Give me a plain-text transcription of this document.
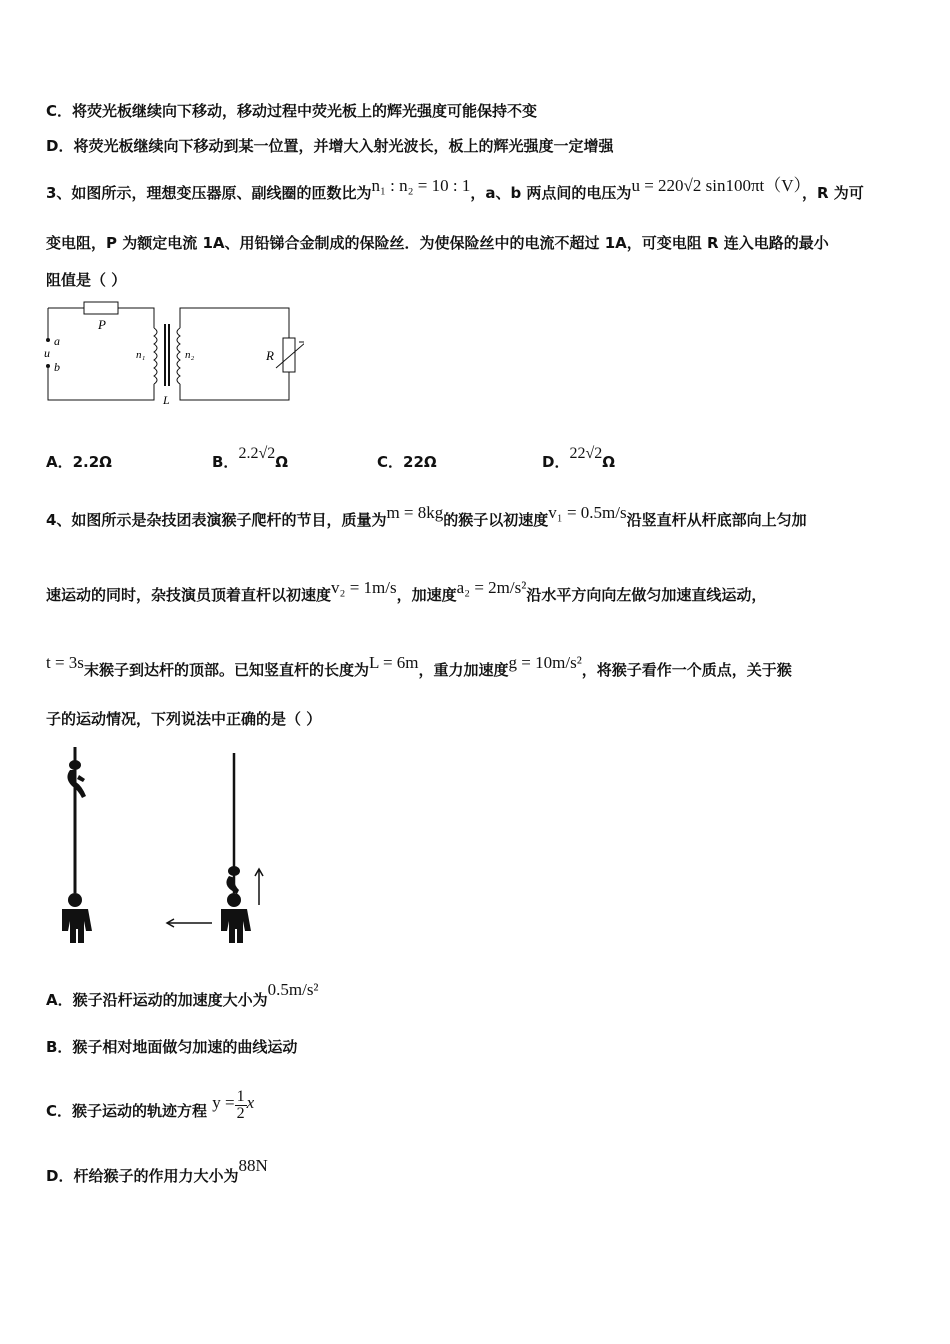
C．将荧光板继续向下移动，移动过程中荧光板上的辉光强度可能保持不变
D．将荧光板继续向下移动到某一位置，并增大入射光波长，板上的辉光强度一定增强
3、如图所示，理想变压器原、副线圈的匝数比为n₁ : n₂ = 10 : 1，a、b 两点间的电压为u = 220√2 sin100πt（V），R 为可
变电阻，P 为额定电流 1A、用铅锑合金制成的保险丝．为使保险丝中的电流不超过 1A，可变电阻 R 连入电路的最小
阻值是（ ）
P
a
u
b
n₁	n₂
L
R
A．2.2Ω	B．2.2√2Ω	C．22Ω	D．22√2Ω
4、如图所示是杂技团表演猴子爬杆的节目，质量为m = 8kg的猴子以初速度v₁ = 0.5m/s沿竖直杆从杆底部向上匀加
速运动的同时，杂技演员顶着直杆以初速度v₂ = 1m/s，加速度a₂ = 2m/s²沿水平方向向左做匀加速直线运动，
t = 3s末猴子到达杆的顶部。已知竖直杆的长度为L = 6m，重力加速度g = 10m/s²，将猴子看作一个质点，关于猴
子的运动情况，下列说法中正确的是（ ）
A．猴子沿杆运动的加速度大小为0.5m/s²
B．猴子相对地面做匀加速的曲线运动
C．猴子运动的轨迹方程 $y = \frac{1}{2}$ x
D．杆给猴子的作用力大小为88N
